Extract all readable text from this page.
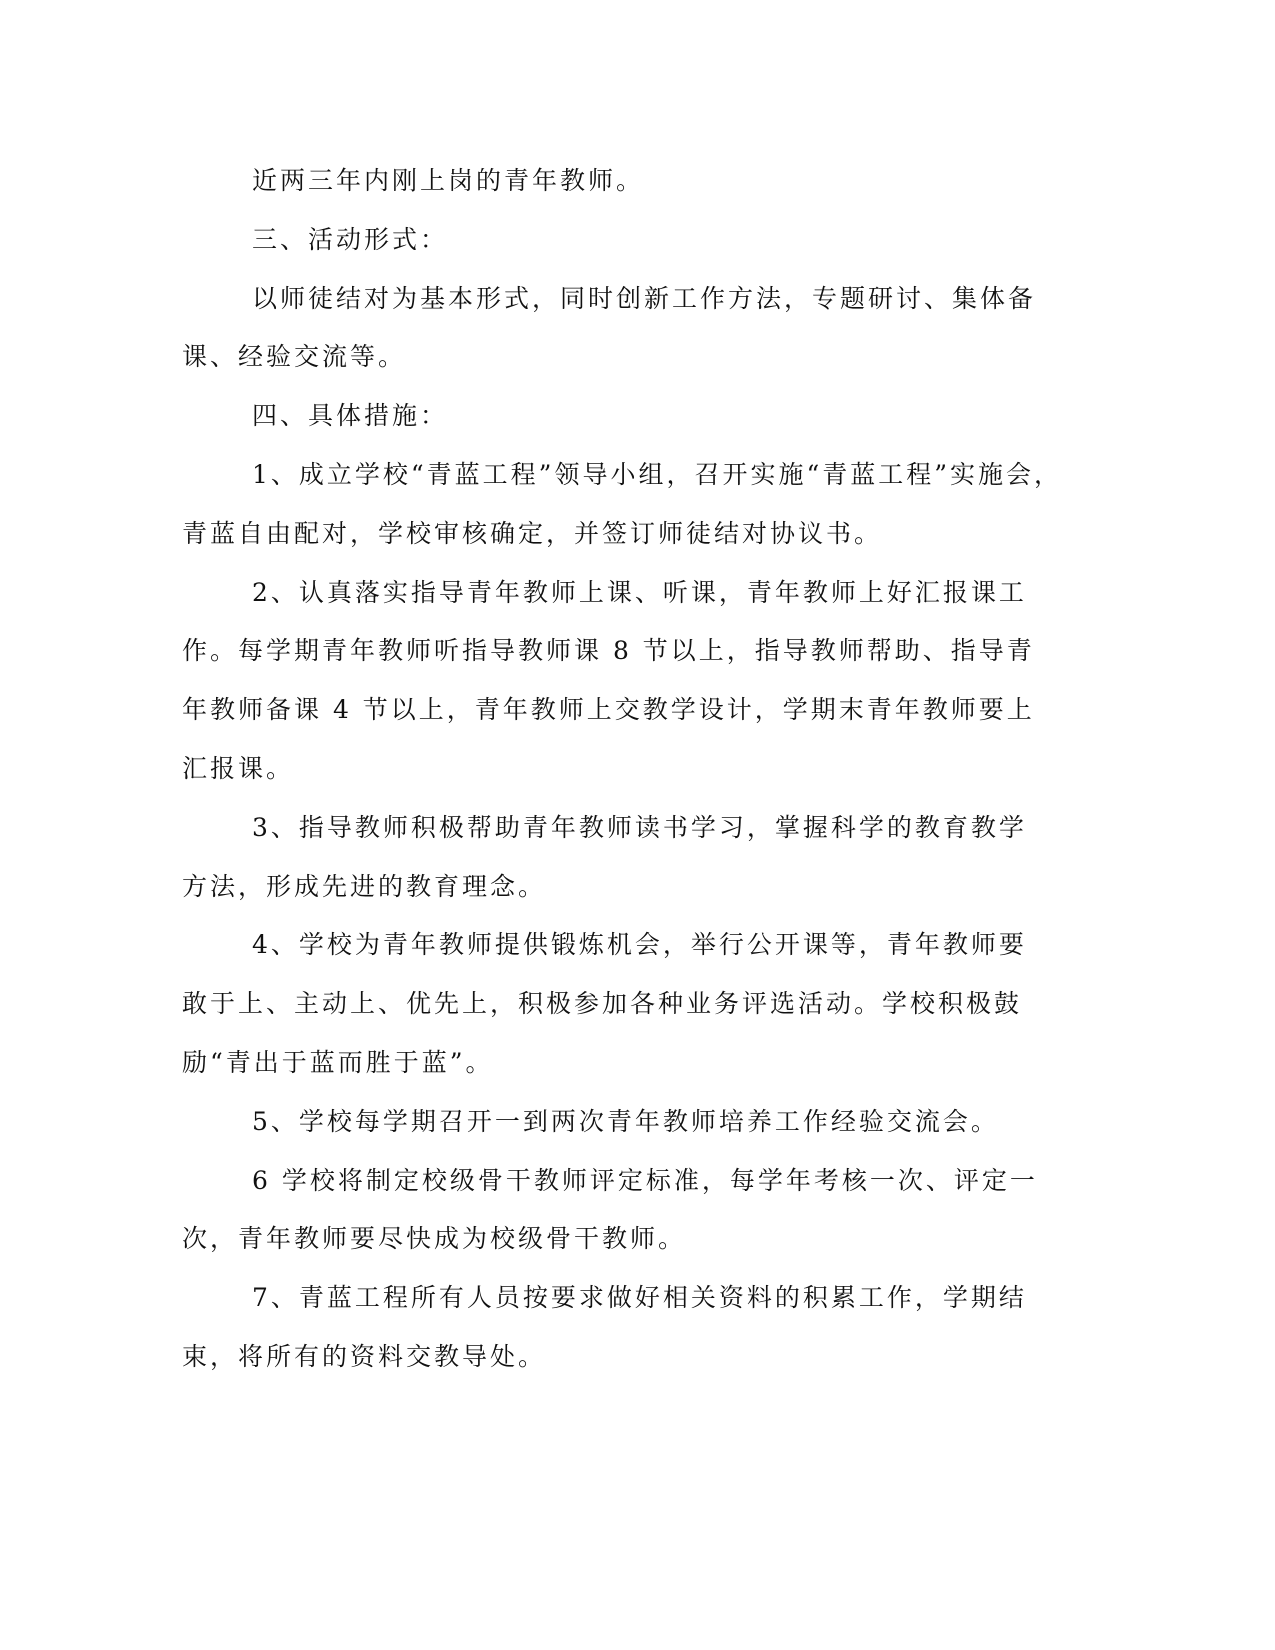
近两三年内刚上岗的青年教师。

三、活动形式：

以师徒结对为基本形式，同时创新工作方法，专题研讨、集体备
课、经验交流等。

四、具体措施：

1、成立学校“青蓝工程”领导小组，召开实施“青蓝工程”实施会，
青蓝自由配对，学校审核确定，并签订师徒结对协议书。

2、认真落实指导青年教师上课、听课，青年教师上好汇报课工
作。每学期青年教师听指导教师课 8 节以上，指导教师帮助、指导青
年教师备课 4 节以上，青年教师上交教学设计，学期末青年教师要上
汇报课。

3、指导教师积极帮助青年教师读书学习，掌握科学的教育教学
方法，形成先进的教育理念。

4、学校为青年教师提供锻炼机会，举行公开课等，青年教师要
敢于上、主动上、优先上，积极参加各种业务评选活动。学校积极鼓
励“青出于蓝而胜于蓝”。

5、学校每学期召开一到两次青年教师培养工作经验交流会。

6 学校将制定校级骨干教师评定标准，每学年考核一次、评定一
次，青年教师要尽快成为校级骨干教师。

7、青蓝工程所有人员按要求做好相关资料的积累工作，学期结
束，将所有的资料交教导处。
